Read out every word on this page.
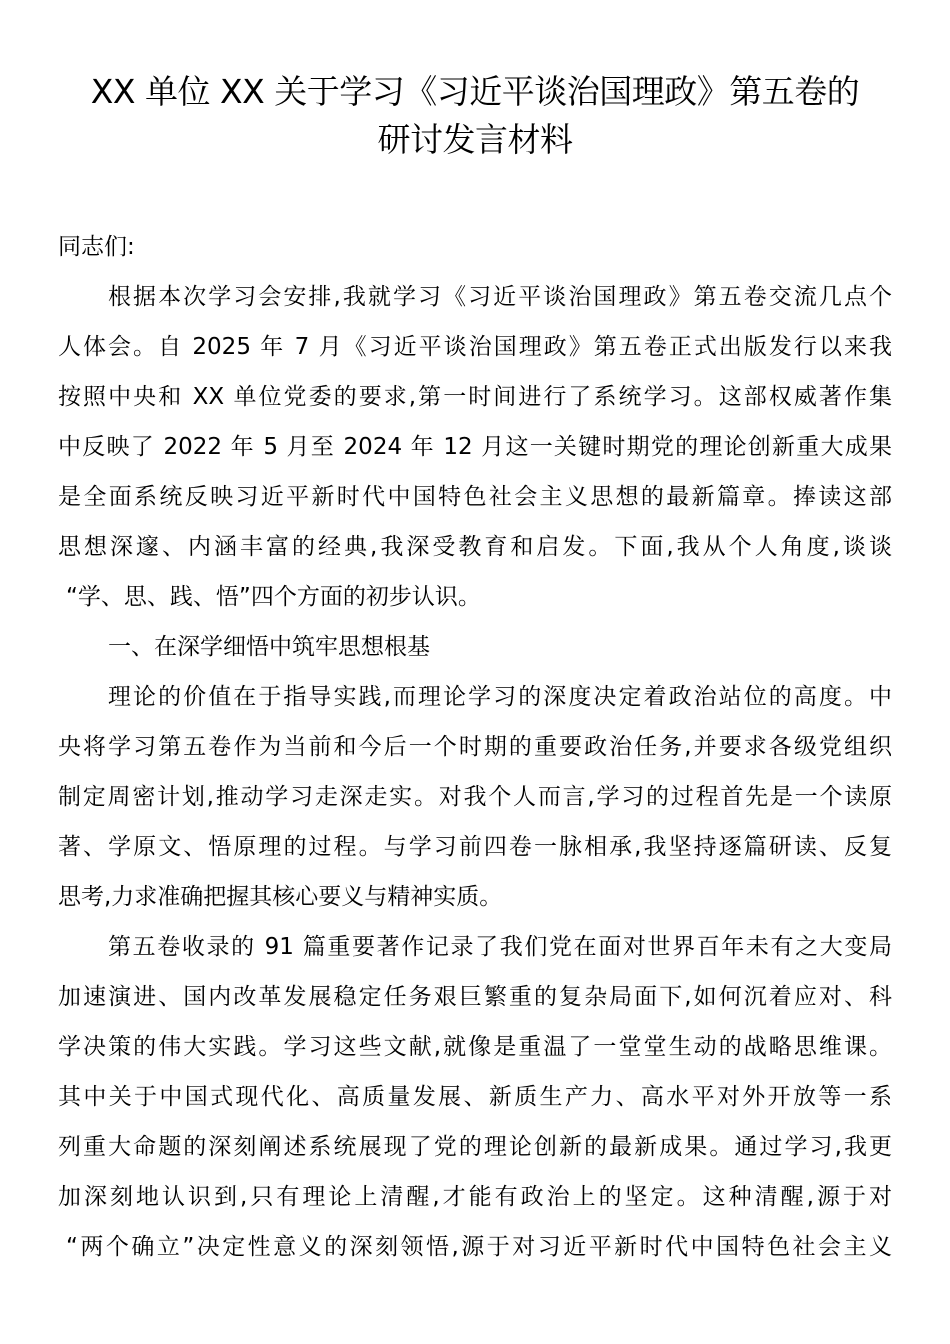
XX 单位 XX 关于学习《习近平谈治国理政》第五卷的
研讨发言材料
同志们:
根据本次学习会安排,我就学习《习近平谈治国理政》第五卷交流几点个
人体会。自 2025 年 7 月《习近平谈治国理政》第五卷正式出版发行以来我
按照中央和 XX 单位党委的要求,第一时间进行了系统学习。这部权威著作集
中反映了 2022 年 5 月至 2024 年 12 月这一关键时期党的理论创新重大成果
是全面系统反映习近平新时代中国特色社会主义思想的最新篇章。捧读这部
思想深邃、内涵丰富的经典,我深受教育和启发。下面,我从个人角度,谈谈
“学、思、践、悟”四个方面的初步认识。
一、在深学细悟中筑牢思想根基
理论的价值在于指导实践,而理论学习的深度决定着政治站位的高度。中
央将学习第五卷作为当前和今后一个时期的重要政治任务,并要求各级党组织
制定周密计划,推动学习走深走实。对我个人而言,学习的过程首先是一个读原
著、学原文、悟原理的过程。与学习前四卷一脉相承,我坚持逐篇研读、反复
思考,力求准确把握其核心要义与精神实质。
第五卷收录的 91 篇重要著作记录了我们党在面对世界百年未有之大变局
加速演进、国内改革发展稳定任务艰巨繁重的复杂局面下,如何沉着应对、科
学决策的伟大实践。学习这些文献,就像是重温了一堂堂生动的战略思维课。
其中关于中国式现代化、高质量发展、新质生产力、高水平对外开放等一系
列重大命题的深刻阐述系统展现了党的理论创新的最新成果。通过学习,我更
加深刻地认识到,只有理论上清醒,才能有政治上的坚定。这种清醒,源于对
“两个确立”决定性意义的深刻领悟,源于对习近平新时代中国特色社会主义
